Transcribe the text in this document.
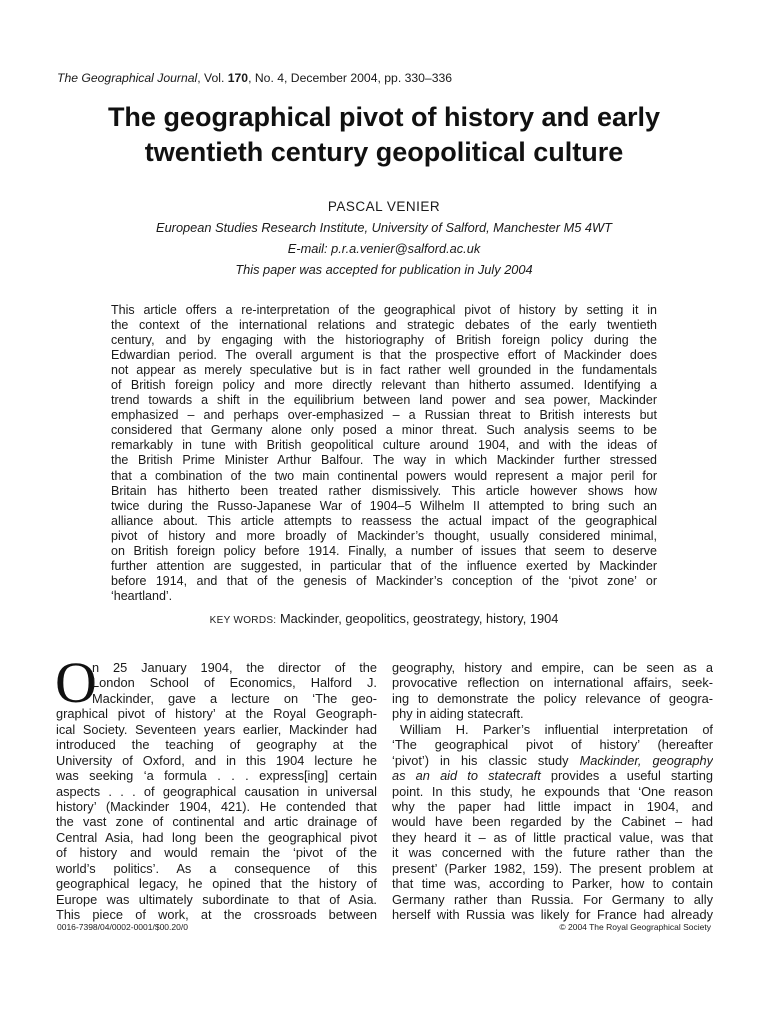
The Geographical Journal, Vol. 170, No. 4, December 2004, pp. 330–336
The geographical pivot of history and early
twentieth century geopolitical culture
PASCAL VENIER
European Studies Research Institute, University of Salford, Manchester M5 4WT
E-mail: p.r.a.venier@salford.ac.uk
This paper was accepted for publication in July 2004
This article offers a re-interpretation of the geographical pivot of history by setting it in
the context of the international relations and strategic debates of the early twentieth
century, and by engaging with the historiography of British foreign policy during the
Edwardian period. The overall argument is that the prospective effort of Mackinder does
not appear as merely speculative but is in fact rather well grounded in the fundamentals
of British foreign policy and more directly relevant than hitherto assumed. Identifying a
trend towards a shift in the equilibrium between land power and sea power, Mackinder
emphasized – and perhaps over-emphasized – a Russian threat to British interests but
considered that Germany alone only posed a minor threat. Such analysis seems to be
remarkably in tune with British geopolitical culture around 1904, and with the ideas of
the British Prime Minister Arthur Balfour. The way in which Mackinder further stressed
that a combination of the two main continental powers would represent a major peril for
Britain has hitherto been treated rather dismissively. This article however shows how
twice during the Russo-Japanese War of 1904–5 Wilhelm II attempted to bring such an
alliance about. This article attempts to reassess the actual impact of the geographical
pivot of history and more broadly of Mackinder’s thought, usually considered minimal,
on British foreign policy before 1914. Finally, a number of issues that seem to deserve
further attention are suggested, in particular that of the influence exerted by Mackinder
before 1914, and that of the genesis of Mackinder’s conception of the ‘pivot zone’ or
‘heartland’.
KEY WORDS: Mackinder, geopolitics, geostrategy, history, 1904
O
n 25 January 1904, the director of the
London School of Economics, Halford J.
Mackinder, gave a lecture on ‘The geo-
graphical pivot of history’ at the Royal Geograph-
ical Society. Seventeen years earlier, Mackinder had
introduced the teaching of geography at the
University of Oxford, and in this 1904 lecture he
was seeking ‘a formula . . . express[ing] certain
aspects . . . of geographical causation in universal
history’ (Mackinder 1904, 421). He contended that
the vast zone of continental and artic drainage of
Central Asia, had long been the geographical pivot
of history and would remain the ‘pivot of the
world’s politics’. As a consequence of this
geographical legacy, he opined that the history of
Europe was ultimately subordinate to that of Asia.
This piece of work, at the crossroads between
geography, history and empire, can be seen as a
provocative reflection on international affairs, seek-
ing to demonstrate the policy relevance of geogra-
phy in aiding statecraft.
William H. Parker’s influential interpretation of
‘The geographical pivot of history’ (hereafter
‘pivot’) in his classic study Mackinder, geography
as an aid to statecraft provides a useful starting
point. In this study, he expounds that ‘One reason
why the paper had little impact in 1904, and
would have been regarded by the Cabinet – had
they heard it – as of little practical value, was that
it was concerned with the future rather than the
present’ (Parker 1982, 159). The present problem at
that time was, according to Parker, how to contain
Germany rather than Russia. For Germany to ally
herself with Russia was likely for France had already
0016-7398/04/0002-0001/$00.20/0	© 2004 The Royal Geographical Society
